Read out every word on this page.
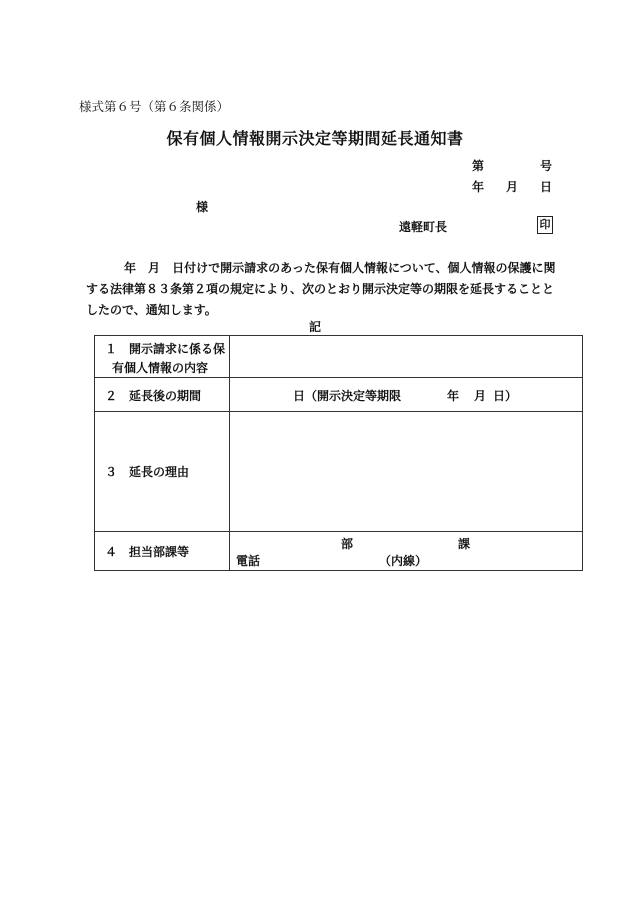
様式第６号（第６条関係）
保有個人情報開示決定等期間延長通知書
第	号
年 月 日
様
遠軽町長	印
年　 月　 日付けで開示請求のあった保有個人情報について、個人情報の保護に関する法律第８３条第２項の規定により、次のとおり開示決定等の期限を延長することとしたので、通知します。
記
１　開示請求に係る保
有個人情報の内容
２　延長後の期間	日（開示決定等期限	年 月 日）
３　延長の理由
４　担当部課等
部	課
電話	（内線）
